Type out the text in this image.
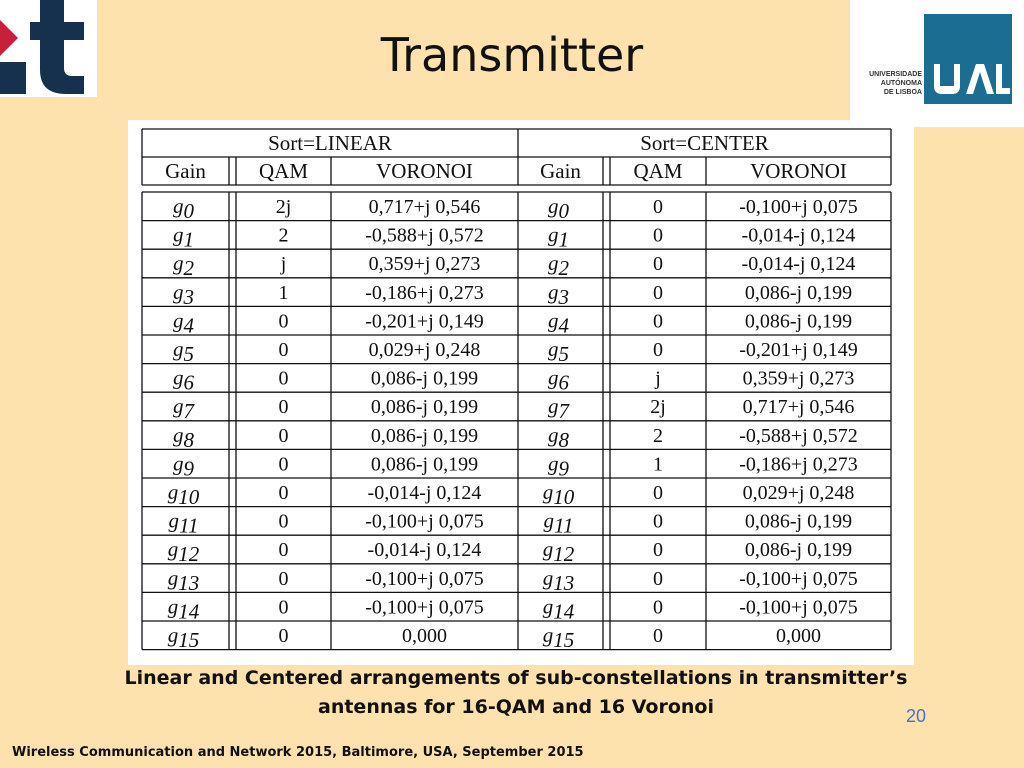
UNIVERSIDADE
AUTÓNOMA
DE LISBOA
Transmitter
Sort=LINEAR	Sort=CENTER
Gain	QAM	VORONOI	Gain	QAM	VORONOI
g0	2j	0,717+j 0,546	g0	0	-0,100+j 0,075
g1	2	-0,588+j 0,572	g1	0	-0,014-j 0,124
g2	j	0,359+j 0,273	g2	0	-0,014-j 0,124
g3	1	-0,186+j 0,273	g3	0	0,086-j 0,199
g4	0	-0,201+j 0,149	g4	0	0,086-j 0,199
g5	0	0,029+j 0,248	g5	0	-0,201+j 0,149
g6	0	0,086-j 0,199	g6	j	0,359+j 0,273
g7	0	0,086-j 0,199	g7	2j	0,717+j 0,546
g8	0	0,086-j 0,199	g8	2	-0,588+j 0,572
g9	0	0,086-j 0,199	g9	1	-0,186+j 0,273
g10	0	-0,014-j 0,124	g10	0	0,029+j 0,248
g11	0	-0,100+j 0,075	g11	0	0,086-j 0,199
g12	0	-0,014-j 0,124	g12	0	0,086-j 0,199
g13	0	-0,100+j 0,075	g13	0	-0,100+j 0,075
g14	0	-0,100+j 0,075	g14	0	-0,100+j 0,075
g15	0	0,000	g15	0	0,000
Linear and Centered arrangements of sub-constellations in transmitter’s
antennas for 16-QAM and 16 Voronoi	20
Wireless Communication and Network 2015, Baltimore, USA, September 2015
